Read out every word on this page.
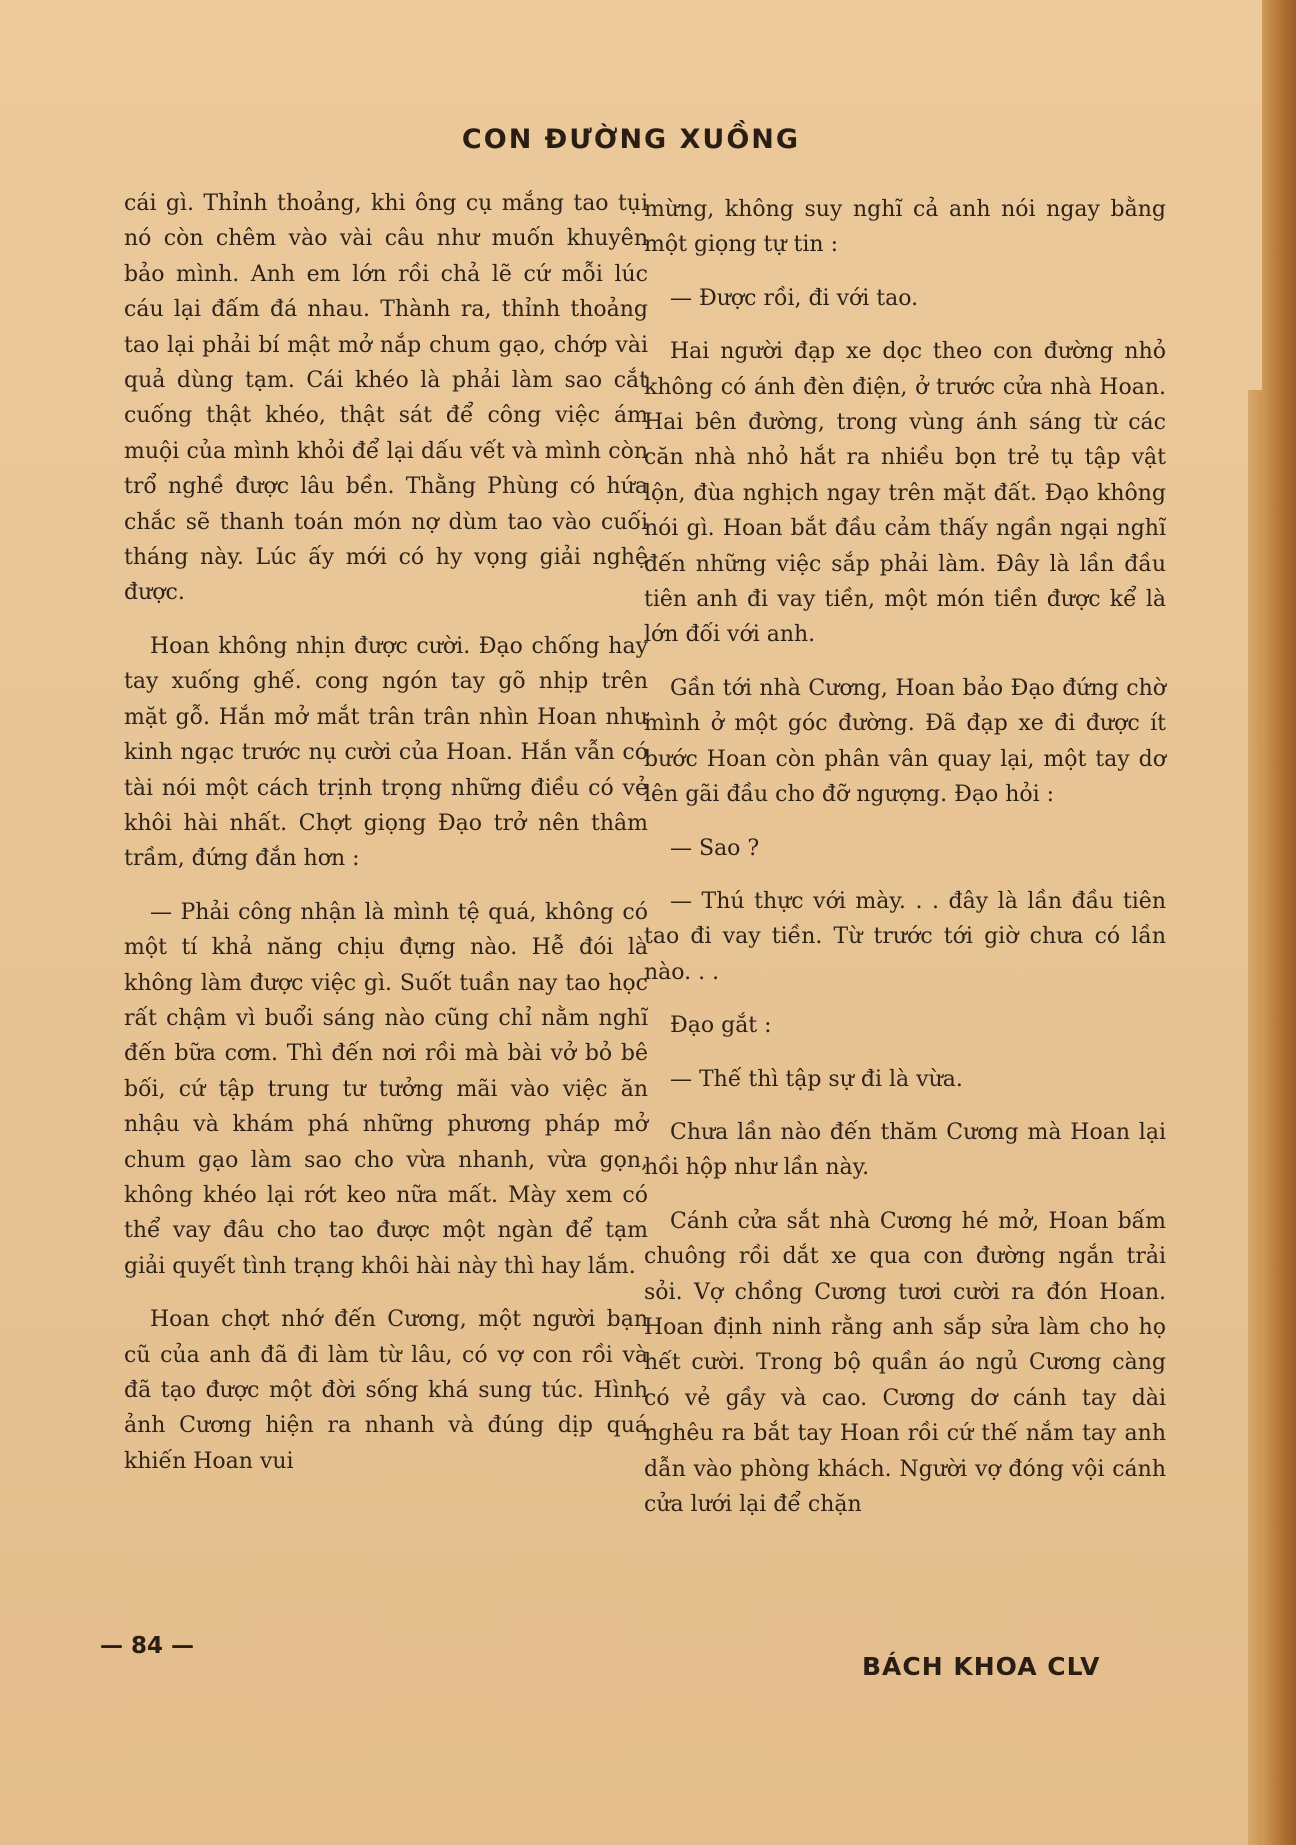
CON ĐƯỜNG XUỒNG

cái gì. Thỉnh thoảng, khi ông cụ mắng tao tụi nó còn chêm vào vài câu như muốn khuyên bảo mình. Anh em lớn rồi chả lẽ cứ mỗi lúc cáu lại đấm đá nhau. Thành ra, thỉnh thoảng tao lại phải bí mật mở nắp chum gạo, chớp vài quả dùng tạm. Cái khéo là phải làm sao cắt cuống thật khéo, thật sát để công việc ám muội của mình khỏi để lại dấu vết và mình còn trổ nghề được lâu bền. Thằng Phùng có hứa chắc sẽ thanh toán món nợ dùm tao vào cuối tháng này. Lúc ấy mới có hy vọng giải nghệ được.

Hoan không nhịn được cười. Đạo chống hay tay xuống ghế. cong ngón tay gõ nhịp trên mặt gỗ. Hắn mở mắt trân trân nhìn Hoan như kinh ngạc trước nụ cười của Hoan. Hắn vẫn có tài nói một cách trịnh trọng những điều có vẻ khôi hài nhất. Chợt giọng Đạo trở nên thâm trầm, đứng đắn hơn :

— Phải công nhận là mình tệ quá, không có một tí khả năng chịu đựng nào. Hễ đói là không làm được việc gì. Suốt tuần nay tao học rất chậm vì buổi sáng nào cũng chỉ nằm nghĩ đến bữa cơm. Thì đến nơi rồi mà bài vở bỏ bê bối, cứ tập trung tư tưởng mãi vào việc ăn nhậu và khám phá những phương pháp mở chum gạo làm sao cho vừa nhanh, vừa gọn, không khéo lại rớt keo nữa mất. Mày xem có thể vay đâu cho tao được một ngàn để tạm giải quyết tình trạng khôi hài này thì hay lắm.

Hoan chợt nhớ đến Cương, một người bạn cũ của anh đã đi làm từ lâu, có vợ con rồi và đã tạo được một đời sống khá sung túc. Hình ảnh Cương hiện ra nhanh và đúng dịp quá khiến Hoan vui

mừng, không suy nghĩ cả anh nói ngay bằng một giọng tự tin :

— Được rồi, đi với tao.

Hai người đạp xe dọc theo con đường nhỏ không có ánh đèn điện, ở trước cửa nhà Hoan. Hai bên đường, trong vùng ánh sáng từ các căn nhà nhỏ hắt ra nhiều bọn trẻ tụ tập vật lộn, đùa nghịch ngay trên mặt đất. Đạo không nói gì. Hoan bắt đầu cảm thấy ngần ngại nghĩ đến những việc sắp phải làm. Đây là lần đầu tiên anh đi vay tiền, một món tiền được kể là lớn đối với anh.

Gần tới nhà Cương, Hoan bảo Đạo đứng chờ mình ở một góc đường. Đã đạp xe đi được ít bước Hoan còn phân vân quay lại, một tay dơ lên gãi đầu cho đỡ ngượng. Đạo hỏi :

— Sao ?

— Thú thực với mày. . . đây là lần đầu tiên tao đi vay tiền. Từ trước tới giờ chưa có lần nào. . .

Đạo gắt :

— Thế thì tập sự đi là vừa.

Chưa lần nào đến thăm Cương mà Hoan lại hồi hộp như lần này.

Cánh cửa sắt nhà Cương hé mở, Hoan bấm chuông rồi dắt xe qua con đường ngắn trải sỏi. Vợ chồng Cương tươi cười ra đón Hoan. Hoan định ninh rằng anh sắp sửa làm cho họ hết cười. Trong bộ quần áo ngủ Cương càng có vẻ gầy và cao. Cương dơ cánh tay dài nghêu ra bắt tay Hoan rồi cứ thế nắm tay anh dẫn vào phòng khách. Người vợ đóng vội cánh cửa lưới lại để chặn

— 84 —
BÁCH KHOA CLV
